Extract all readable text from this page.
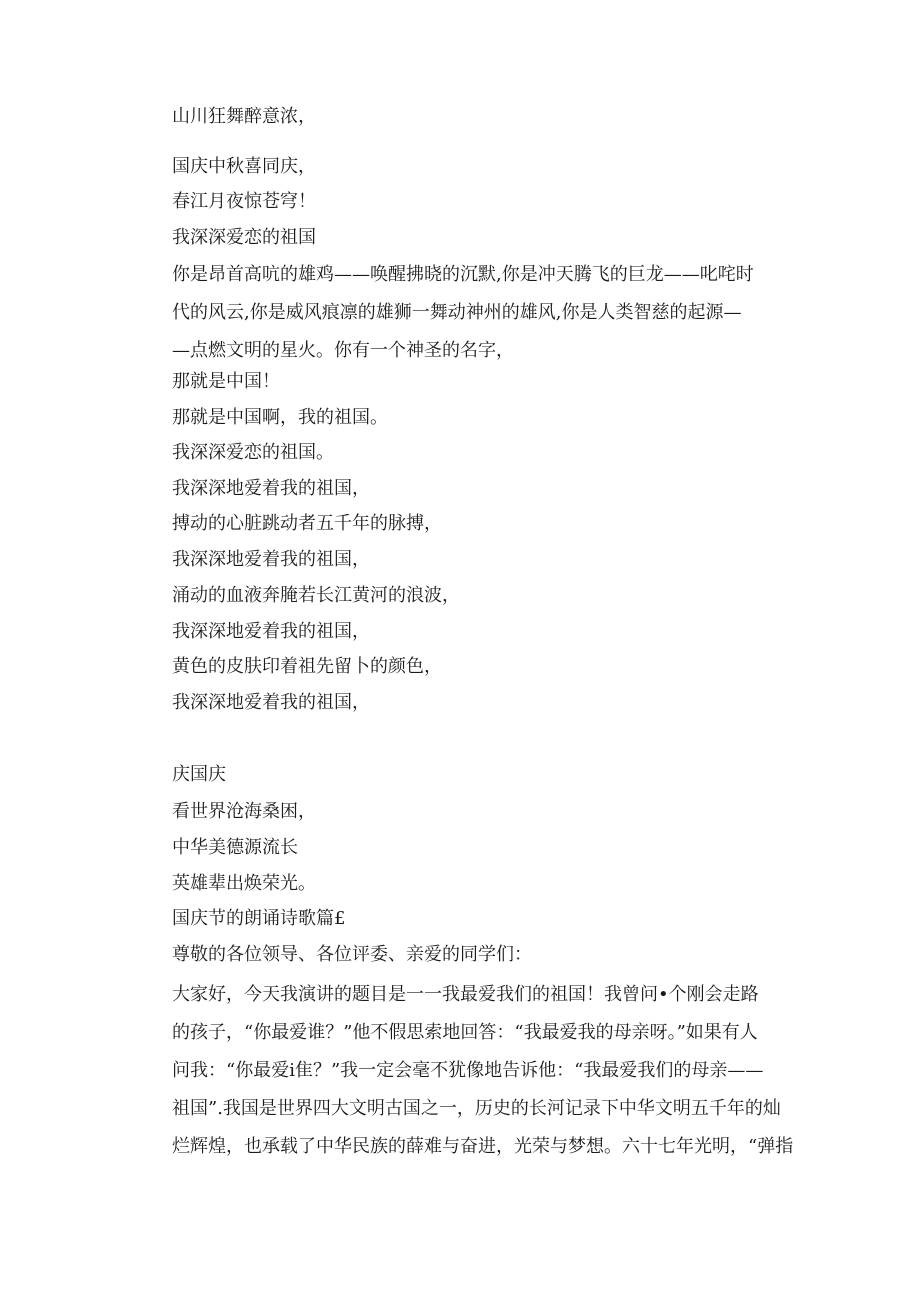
山川狂舞醉意浓，
国庆中秋喜同庆，
春江月夜惊苍穹！
我深深爱恋的祖国
你是昂首高吭的雄鸡——唤醒拂晓的沉默,你是冲天腾飞的巨龙——叱咤时
代的风云,你是威风痕凛的雄狮一舞动神州的雄风,你是人类智慈的起源—
—点燃文明的星火。你有一个神圣的名字，
那就是中国！
那就是中国啊，我的祖国。
我深深爱恋的祖国。
我深深地爱着我的祖国，
搏动的心脏跳动者五千年的脉搏，
我深深地爱着我的祖国，
涌动的血液奔腌若长江黄河的浪波，
我深深地爱着我的祖国，
黄色的皮肤印着祖先留卜的颜色，
我深深地爱着我的祖国，
庆国庆
看世界沧海桑困，
中华美德源流长
英雄辈出焕荣光。
国庆节的朗诵诗歌篇£
尊敬的各位领导、各位评委、亲爱的同学们：
大家好，今天我演讲的题目是一一我最爱我们的祖国！我曾问•个刚会走路
的孩子，“你最爱谁？”他不假思索地回答：“我最爱我的母亲呀。”如果有人
问我：“你最爱i隹？”我一定会毫不犹像地告诉他：“我最爱我们的母亲——
祖国”.我国是世界四大文明古国之一，历史的长河记录下中华文明五千年的灿
烂辉煌，也承载了中华民族的薛难与奋进，光荣与梦想。六十七年光明，“弹指
